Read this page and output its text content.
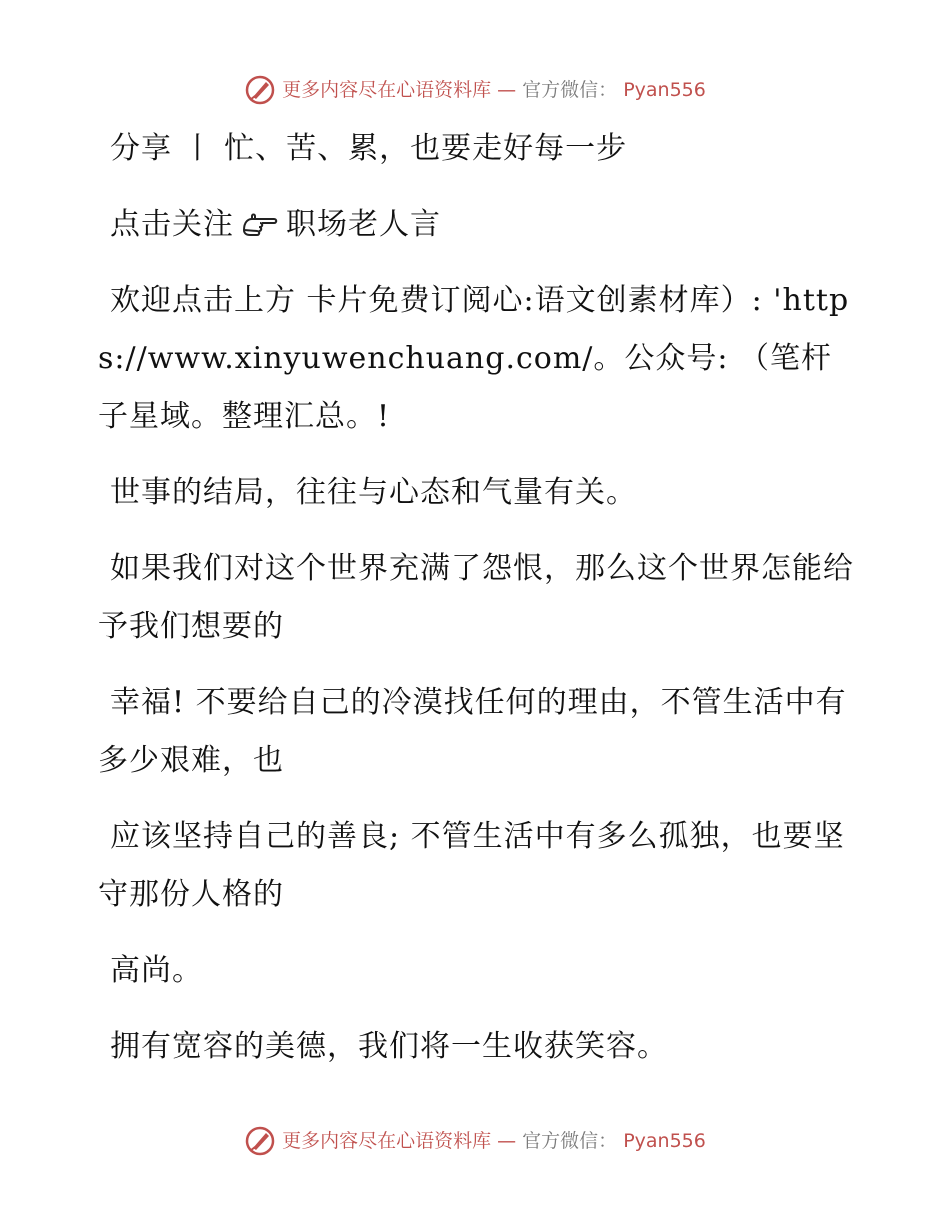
更多内容尽在心语资料库 — 官方微信： Pyan556

分享 丨 忙、苦、累，也要走好每一步

点击关注 职场老人言

欢迎点击上方 卡片免费订阅心:语文创素材库）: 'https://www.xinyuwenchuang.com/。公众号: （笔杆子星域。整理汇总。!

世事的结局，往往与心态和气量有关。

如果我们对这个世界充满了怨恨，那么这个世界怎能给予我们想要的

幸福! 不要给自己的冷漠找任何的理由，不管生活中有多少艰难，也

应该坚持自己的善良; 不管生活中有多么孤独，也要坚守那份人格的

高尚。

拥有宽容的美德，我们将一生收获笑容。

更多内容尽在心语资料库 — 官方微信： Pyan556
